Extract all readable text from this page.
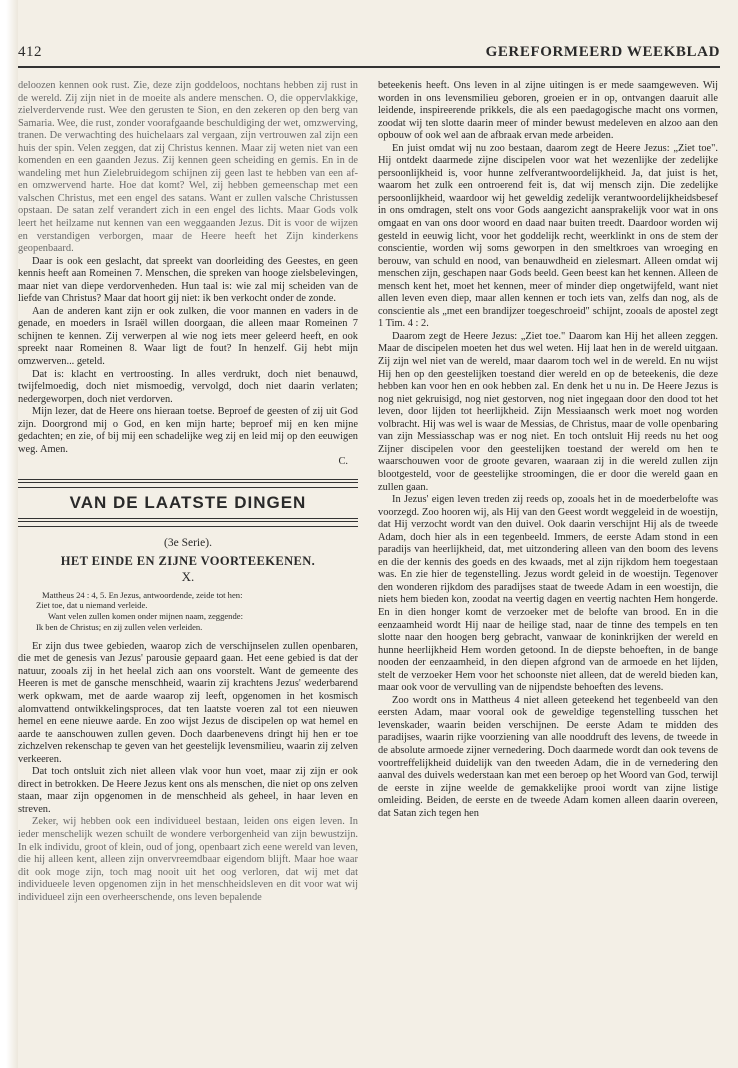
412	GEREFORMEERD WEEKBLAD

deloozen kennen ook rust. Zie, deze zijn goddeloos, nochtans hebben zij rust in de wereld. Zij zijn niet in de moeite als andere menschen. O, die oppervlakkige, zielverdervende rust. Wee den gerusten te Sion, en den zekeren op den berg van Samaria. Wee, die rust, zonder voorafgaande beschuldiging der wet, omzwerving, tranen. De verwachting des huichelaars zal vergaan, zijn vertrouwen zal zijn een huis der spin. Velen zeggen, dat zij Christus kennen. Maar zij weten niet van een komenden en een gaanden Jezus. Zij kennen geen scheiding en gemis. En in de wandeling met hun Zielebruidegom schijnen zij geen last te hebben van een af- en omzwervend harte. Hoe dat komt? Wel, zij hebben gemeenschap met een valschen Christus, met een engel des satans. Want er zullen valsche Christussen opstaan. De satan zelf verandert zich in een engel des lichts. Maar Gods volk leert het heilzame nut kennen van een weggaanden Jezus. Dit is voor de wijzen en verstandigen verborgen, maar de Heere heeft het Zijn kinderkens geopenbaard.

Daar is ook een geslacht, dat spreekt van doorleiding des Geestes, en geen kennis heeft aan Romeinen 7. Menschen, die spreken van hooge zielsbelevingen, maar niet van diepe verdorvenheden. Hun taal is: wie zal mij scheiden van de liefde van Christus? Maar dat hoort gij niet: ik ben verkocht onder de zonde.

Aan de anderen kant zijn er ook zulken, die voor mannen en vaders in de genade, en moeders in Israël willen doorgaan, die alleen maar Romeinen 7 schijnen te kennen. Zij verwerpen al wie nog iets meer geleerd heeft, en ook spreekt naar Romeinen 8. Waar ligt de fout? In henzelf. Gij hebt mijn omzwerven... geteld.

Dat is: klacht en vertroosting. In alles verdrukt, doch niet benauwd, twijfelmoedig, doch niet mismoedig, vervolgd, doch niet daarin verlaten; nedergeworpen, doch niet verdorven.

Mijn lezer, dat de Heere ons hieraan toetse. Beproef de geesten of zij uit God zijn. Doorgrond mij o God, en ken mijn harte; beproef mij en ken mijne gedachten; en zie, of bij mij een schadelijke weg zij en leid mij op den eeuwigen weg. Amen.

C.
VAN DE LAATSTE DINGEN
(3e Serie).
HET EINDE EN ZIJNE VOORTEEKENEN.
X.
Mattheus 24 : 4, 5. En Jezus, antwoordende, zeide tot hen:
Ziet toe, dat u niemand verleide.
Want velen zullen komen onder mijnen naam, zeggende:
Ik ben de Christus; en zij zullen velen verleiden.

Er zijn dus twee gebieden, waarop zich de verschijnselen zullen openbaren, die met de genesis van Jezus' parousie gepaard gaan. Het eene gebied is dat der natuur, zooals zij in het heelal zich aan ons voorstelt. Want de gemeente des Heeren is met de gansche menschheid, waarin zij krachtens Jezus' wederbarend werk opkwam, met de aarde waarop zij leeft, opgenomen in het kosmisch alomvattend ontwikkelingsproces, dat ten laatste voeren zal tot een nieuwen hemel en eene nieuwe aarde. En zoo wijst Jezus de discipelen op wat hemel en aarde te aanschouwen zullen geven. Doch daarbenevens dringt hij hen er toe zichzelven rekenschap te geven van het geestelijk levensmilieu, waarin zij zelven verkeeren.

Dat toch ontsluit zich niet alleen vlak voor hun voet, maar zij zijn er ook direct in betrokken. De Heere Jezus kent ons als menschen, die niet op ons zelven staan, maar zijn opgenomen in de menschheid als geheel, in haar leven en streven.

Zeker, wij hebben ook een individueel bestaan, leiden ons eigen leven. In ieder menschelijk wezen schuilt de wondere verborgenheid van zijn bewustzijn. In elk individu, groot of klein, oud of jong, openbaart zich eene wereld van leven, die hij alleen kent, alleen zijn onvervreemdbaar eigendom blijft. Maar hoe waar dit ook moge zijn, toch mag nooit uit het oog verloren, dat wij met dat individueele leven opgenomen zijn in het menschheidsleven en dit voor wat wij individueel zijn een overheerschende, ons leven bepalende

beteekenis heeft. Ons leven in al zijne uitingen is er mede saamgeweven. Wij worden in ons levensmilieu geboren, groeien er in op, ontvangen daaruit alle leidende, inspireerende prikkels, die als een paedagogische macht ons vormen, zoodat wij ten slotte daarin meer of minder bewust medeleven en alzoo aan den opbouw of ook wel aan de afbraak ervan mede arbeiden.

En juist omdat wij nu zoo bestaan, daarom zegt de Heere Jezus: „Ziet toe". Hij ontdekt daarmede zijne discipelen voor wat het wezenlijke der zedelijke persoonlijkheid is, voor hunne zelfverantwoordelijkheid. Ja, dat juist is het, waarom het zulk een ontroerend feit is, dat wij mensch zijn. Die zedelijke persoonlijkheid, waardoor wij het geweldig zedelijk verantwoordelijkheidsbesef in ons omdragen, stelt ons voor Gods aangezicht aansprakelijk voor wat in ons omgaat en van ons door woord en daad naar buiten treedt. Daardoor worden wij gesteld in eeuwig licht, voor het goddelijk recht, weerklinkt in ons de stem der conscientie, worden wij soms geworpen in den smeltkroes van wroeging en berouw, van schuld en nood, van benauwdheid en zielesmart. Alleen omdat wij menschen zijn, geschapen naar Gods beeld. Geen beest kan het kennen. Alleen de mensch kent het, moet het kennen, meer of minder diep ongetwijfeld, want niet allen leven even diep, maar allen kennen er toch iets van, zelfs dan nog, als de conscientie als „met een brandijzer toegeschroeid" schijnt, zooals de apostel zegt 1 Tim. 4 : 2.

Daarom zegt de Heere Jezus: „Ziet toe." Daarom kan Hij het alleen zeggen. Maar de discipelen moeten het dus wel weten. Hij laat hen in de wereld uitgaan. Zij zijn wel niet van de wereld, maar daarom toch wel in de wereld. En nu wijst Hij hen op den geestelijken toestand dier wereld en op de beteekenis, die deze hebben kan voor hen en ook hebben zal. En denk het u nu in. De Heere Jezus is nog niet gekruisigd, nog niet gestorven, nog niet ingegaan door den dood tot het leven, door lijden tot heerlijkheid. Zijn Messiaansch werk moet nog worden volbracht. Hij was wel is waar de Messias, de Christus, maar de volle openbaring van zijn Messiasschap was er nog niet. En toch ontsluit Hij reeds nu het oog Zijner discipelen voor den geestelijken toestand der wereld om hen te waarschouwen voor de groote gevaren, waaraan zij in die wereld zullen zijn blootgesteld, voor de geestelijke stroomingen, die er door die wereld gaan en zullen gaan.

In Jezus' eigen leven treden zij reeds op, zooals het in de moederbelofte was voorzegd. Zoo hooren wij, als Hij van den Geest wordt weggeleid in de woestijn, dat Hij verzocht wordt van den duivel. Ook daarin verschijnt Hij als de tweede Adam, doch hier als in een tegenbeeld. Immers, de eerste Adam stond in een paradijs van heerlijkheid, dat, met uitzondering alleen van den boom des levens en die der kennis des goeds en des kwaads, met al zijn rijkdom hem toegestaan was. En zie hier de tegenstelling. Jezus wordt geleid in de woestijn. Tegenover den wonderen rijkdom des paradijses staat de tweede Adam in een woestijn, die niets hem bieden kon, zoodat na veertig dagen en veertig nachten Hem hongerde. En in dien honger komt de verzoeker met de belofte van brood. En in die eenzaamheid wordt Hij naar de heilige stad, naar de tinne des tempels en ten slotte naar den hoogen berg gebracht, vanwaar de koninkrijken der wereld en hunne heerlijkheid Hem worden getoond. In de diepste behoeften, in de bange nooden der eenzaamheid, in den diepen afgrond van de armoede en het lijden, stelt de verzoeker Hem voor het schoonste niet alleen, dat de wereld bieden kan, maar ook voor de vervulling van de nijpendste behoeften des levens.

Zoo wordt ons in Mattheus 4 niet alleen geteekend het tegenbeeld van den eersten Adam, maar vooral ook de geweldige tegenstelling tusschen het levenskader, waarin beiden verschijnen. De eerste Adam te midden des paradijses, waarin rijke voorziening van alle nooddruft des levens, de tweede in de absolute armoede zijner vernedering. Doch daarmede wordt dan ook tevens de voortreffelijkheid duidelijk van den tweeden Adam, die in de vernedering den aanval des duivels wederstaan kan met een beroep op het Woord van God, terwijl de eerste in zijne weelde de gemakkelijke prooi wordt van zijne listige omleiding. Beiden, de eerste en de tweede Adam komen alleen daarin overeen, dat Satan zich tegen hen
